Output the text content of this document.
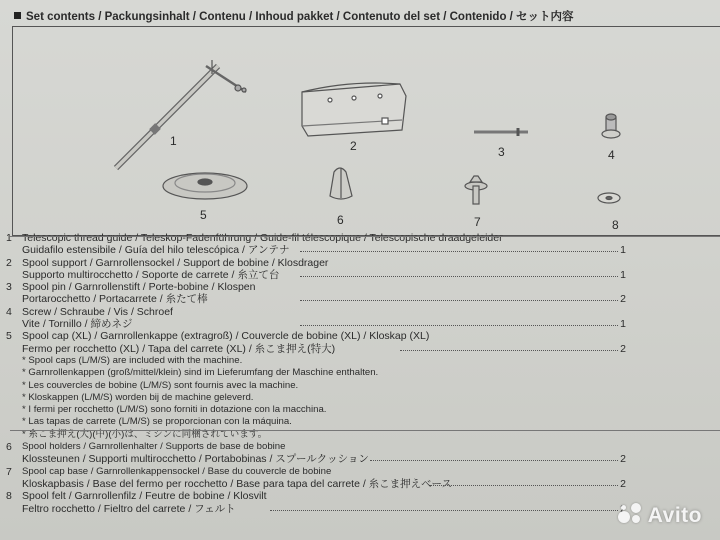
Set contents / Packungsinhalt / Contenu / Inhoud pakket / Contenuto del set / Contenido / セット内容
1	2	3	4
5	6	7	8
1 Telescopic thread guide / Teleskop-Fadenführung / Guide-fil télescopique / Telescopische draadgeleider
Guidafilo estensibile / Guía del hilo telescópica / アンテナ	1
2 Spool support / Garnrollensockel / Support de bobine / Klosdrager
Supporto multirocchetto / Soporte de carrete / 糸立て台	1
3 Spool pin / Garnrollenstift / Porte-bobine / Klospen
Portarocchetto / Portacarrete / 糸たて棒	2
4 Screw / Schraube / Vis / Schroef
Vite / Tornillo / 締めネジ	1
5 Spool cap (XL) / Garnrollenkappe (extragroß) / Couvercle de bobine (XL) / Kloskap (XL)
Fermo per rocchetto (XL) / Tapa del carrete (XL) / 糸こま押え(特大)	2
* Spool caps (L/M/S) are included with the machine.
* Garnrollenkappen (groß/mittel/klein) sind im Lieferumfang der Maschine enthalten.
* Les couvercles de bobine (L/M/S) sont fournis avec la machine.
* Kloskappen (L/M/S) worden bij de machine geleverd.
* I fermi per rocchetto (L/M/S) sono forniti in dotazione con la macchina.
* Las tapas de carrete (L/M/S) se proporcionan con la máquina.
* 糸こま押え(大)(中)(小)は、ミシンに同梱されています。
6 Spool holders / Garnrollenhalter / Supports de base de bobine
Klossteunen / Supporti multirocchetto / Portabobinas / スプールクッション	2
7 Spool cap base / Garnrollenkappensockel / Base du couvercle de bobine
Kloskapbasis / Base del fermo per rocchetto / Base para tapa del carrete / 糸こま押えベース	2
8 Spool felt / Garnrollenfilz / Feutre de bobine / Klosvilt
Feltro rocchetto / Fieltro del carrete / フェルト	Avito
